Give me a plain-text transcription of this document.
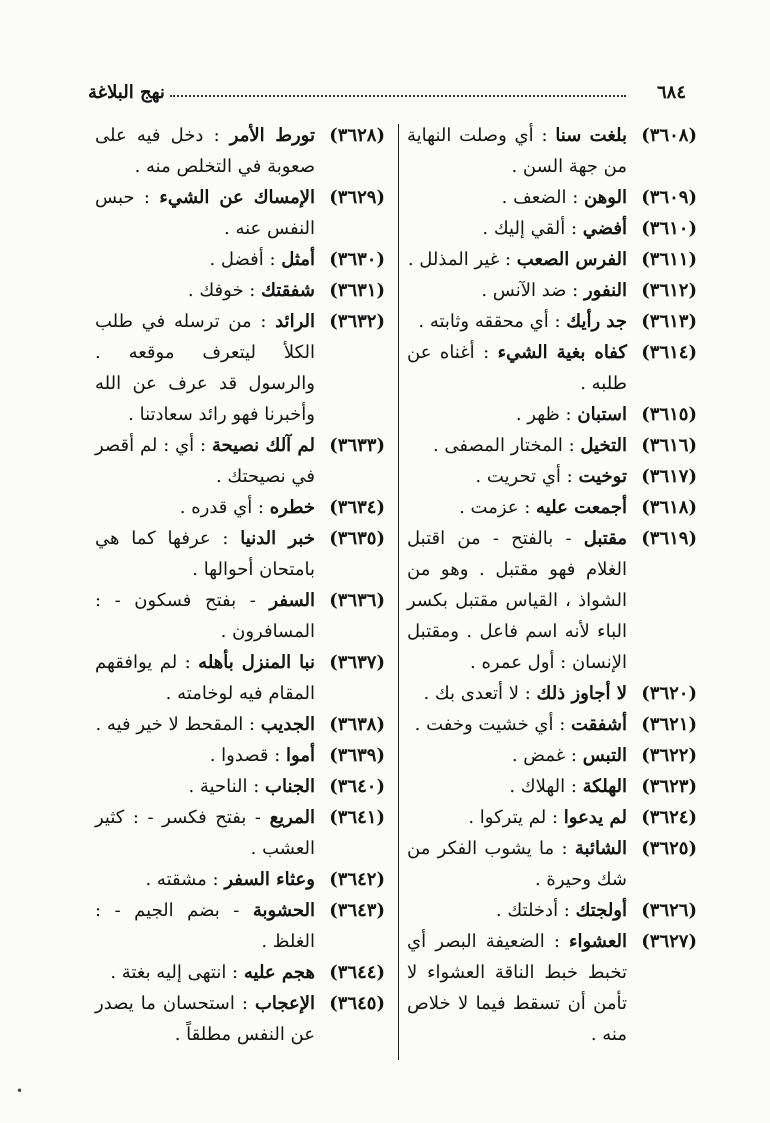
نهج البلاغة	٦٨٤
(٣٦٠٨)
بلغت سنا : أي وصلت النهاية من جهة السن .
(٣٦٠٩)
الوهن : الضعف .
(٣٦١٠)
أفضي : ألقي إليك .
(٣٦١١)
الفرس الصعب : غير المذلل .
(٣٦١٢)
النفور : ضد الآنس .
(٣٦١٣)
جد رأيك : أي محققه وثابته .
(٣٦١٤)
كفاه بغية الشيء : أغناه عن طلبه .
(٣٦١٥)
استبان : ظهر .
(٣٦١٦)
التخيل : المختار المصفى .
(٣٦١٧)
توخيت : أي تحريت .
(٣٦١٨)
أجمعت عليه : عزمت .
(٣٦١٩)
مقتبل - بالفتح - من اقتبل الغلام فهو مقتبل . وهو من الشواذ ، القياس مقتبل بكسر الباء لأنه اسم فاعل . ومقتبل الإنسان : أول عمره .
(٣٦٢٠)
لا أجاوز ذلك : لا أتعدى بك .
(٣٦٢١)
أشفقت : أي خشيت وخفت .
(٣٦٢٢)
التبس : غمض .
(٣٦٢٣)
الهلكة : الهلاك .
(٣٦٢٤)
لم يدعوا : لم يتركوا .
(٣٦٢٥)
الشائبة : ما يشوب الفكر من شك وحيرة .
(٣٦٢٦)
أولجتك : أدخلتك .
(٣٦٢٧)
العشواء : الضعيفة البصر أي تخبط خبط الناقة العشواء لا تأمن أن تسقط فيما لا خلاص منه .
(٣٦٢٨)
تورط الأمر : دخل فيه على صعوبة في التخلص منه .
(٣٦٢٩)
الإمساك عن الشيء : حبس النفس عنه .
(٣٦٣٠)
أمثل : أفضل .
(٣٦٣١)
شفقتك : خوفك .
(٣٦٣٢)
الرائد : من ترسله في طلب الكلأ ليتعرف موقعه . والرسول قد عرف عن الله وأخبرنا فهو رائد سعادتنا .
(٣٦٣٣)
لم آلك نصيحة : أي : لم أقصر في نصيحتك .
(٣٦٣٤)
خطره : أي قدره .
(٣٦٣٥)
خبر الدنيا : عرفها كما هي بامتحان أحوالها .
(٣٦٣٦)
السفر - بفتح فسكون - : المسافرون .
(٣٦٣٧)
نبا المنزل بأهله : لم يوافقهم المقام فيه لوخامته .
(٣٦٣٨)
الجديب : المقحط لا خير فيه .
(٣٦٣٩)
أموا : قصدوا .
(٣٦٤٠)
الجناب : الناحية .
(٣٦٤١)
المريع - بفتح فكسر - : كثير العشب .
(٣٦٤٢)
وعثاء السفر : مشقته .
(٣٦٤٣)
الحشوبة - بضم الجيم - : الغلظ .
(٣٦٤٤)
هجم عليه : انتهى إليه بغتة .
(٣٦٤٥)
الإعجاب : استحسان ما يصدر عن النفس مطلقاً .
•
